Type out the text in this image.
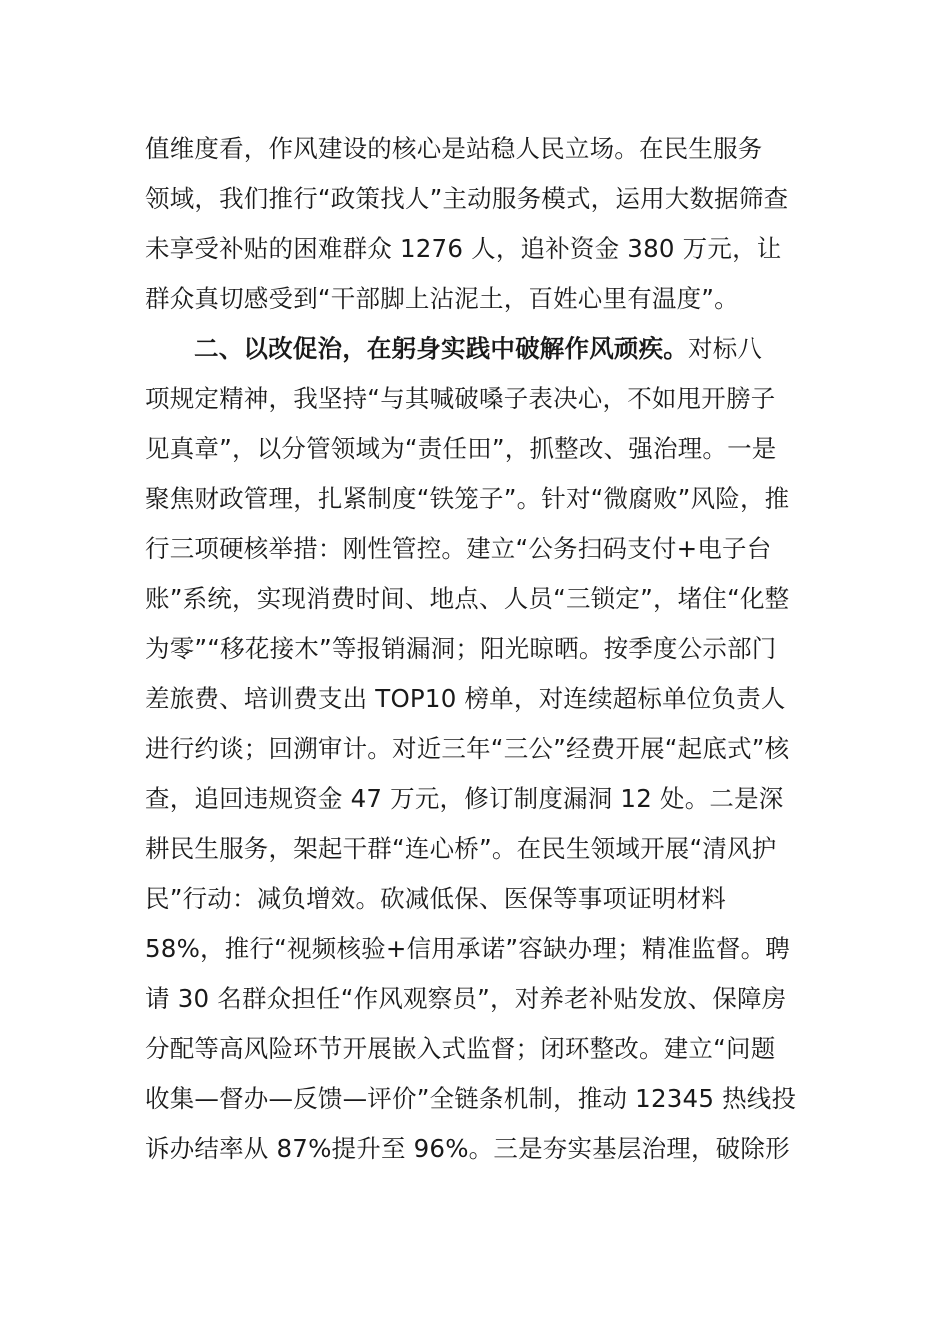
值维度看，作风建设的核心是站稳人民立场。在民生服务
领域，我们推行“政策找人”主动服务模式，运用大数据筛查
未享受补贴的困难群众 1276 人，追补资金 380 万元，让
群众真切感受到“干部脚上沾泥土，百姓心里有温度”。
二、以改促治，在躬身实践中破解作风顽疾。对标八
项规定精神，我坚持“与其喊破嗓子表决心，不如甩开膀子
见真章”，以分管领域为“责任田”，抓整改、强治理。一是
聚焦财政管理，扎紧制度“铁笼子”。针对“微腐败”风险，推
行三项硬核举措：刚性管控。建立“公务扫码支付+电子台
账”系统，实现消费时间、地点、人员“三锁定”，堵住“化整
为零”“移花接木”等报销漏洞；阳光晾晒。按季度公示部门
差旅费、培训费支出 TOP10 榜单，对连续超标单位负责人
进行约谈；回溯审计。对近三年“三公”经费开展“起底式”核
查，追回违规资金 47 万元，修订制度漏洞 12 处。二是深
耕民生服务，架起干群“连心桥”。在民生领域开展“清风护
民”行动：减负增效。砍减低保、医保等事项证明材料
58%，推行“视频核验+信用承诺”容缺办理；精准监督。聘
请 30 名群众担任“作风观察员”，对养老补贴发放、保障房
分配等高风险环节开展嵌入式监督；闭环整改。建立“问题
收集—督办—反馈—评价”全链条机制，推动 12345 热线投
诉办结率从 87%提升至 96%。三是夯实基层治理，破除形
